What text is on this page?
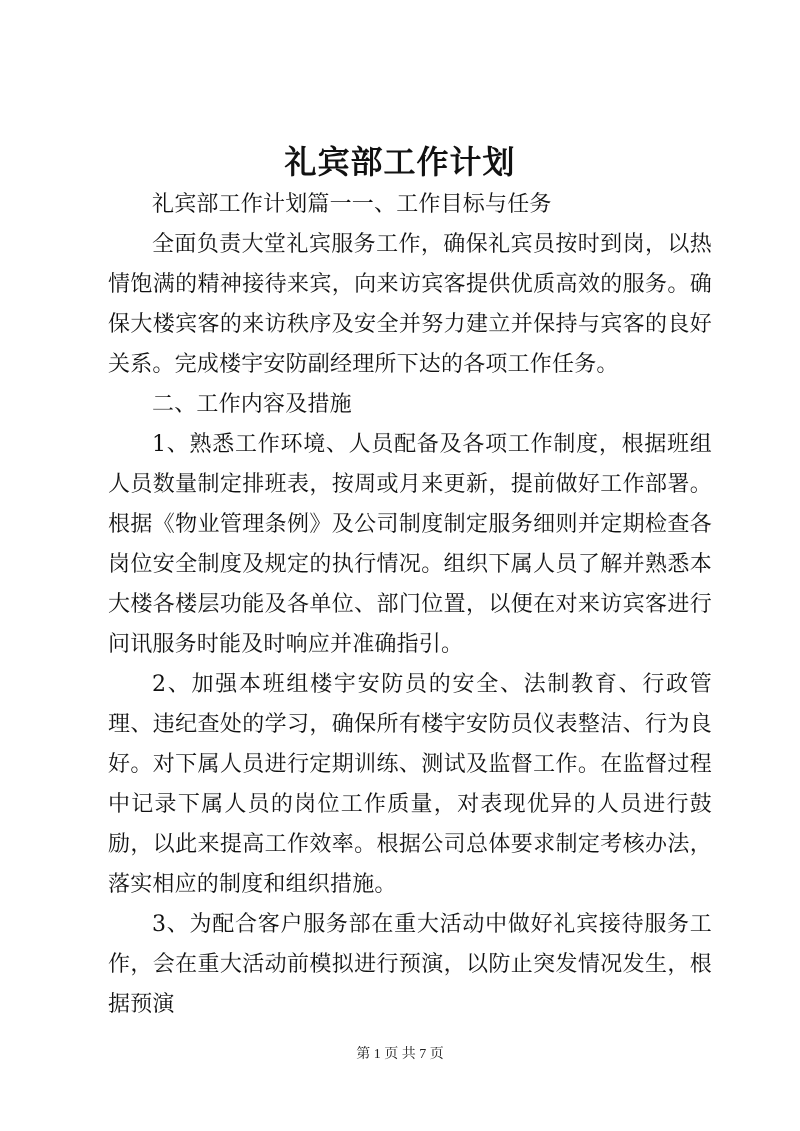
礼宾部工作计划

礼宾部工作计划篇一一、工作目标与任务

全面负责大堂礼宾服务工作，确保礼宾员按时到岗，以热情饱满的精神接待来宾，向来访宾客提供优质高效的服务。确保大楼宾客的来访秩序及安全并努力建立并保持与宾客的良好关系。完成楼宇安防副经理所下达的各项工作任务。

二、工作内容及措施

1、熟悉工作环境、人员配备及各项工作制度，根据班组人员数量制定排班表，按周或月来更新，提前做好工作部署。根据《物业管理条例》及公司制度制定服务细则并定期检查各岗位安全制度及规定的执行情况。组织下属人员了解并熟悉本大楼各楼层功能及各单位、部门位置，以便在对来访宾客进行问讯服务时能及时响应并准确指引。

2、加强本班组楼宇安防员的安全、法制教育、行政管理、违纪查处的学习，确保所有楼宇安防员仪表整洁、行为良好。对下属人员进行定期训练、测试及监督工作。在监督过程中记录下属人员的岗位工作质量，对表现优异的人员进行鼓励，以此来提高工作效率。根据公司总体要求制定考核办法，落实相应的制度和组织措施。

3、为配合客户服务部在重大活动中做好礼宾接待服务工作，会在重大活动前模拟进行预演，以防止突发情况发生，根据预演

第 1 页 共 7 页
